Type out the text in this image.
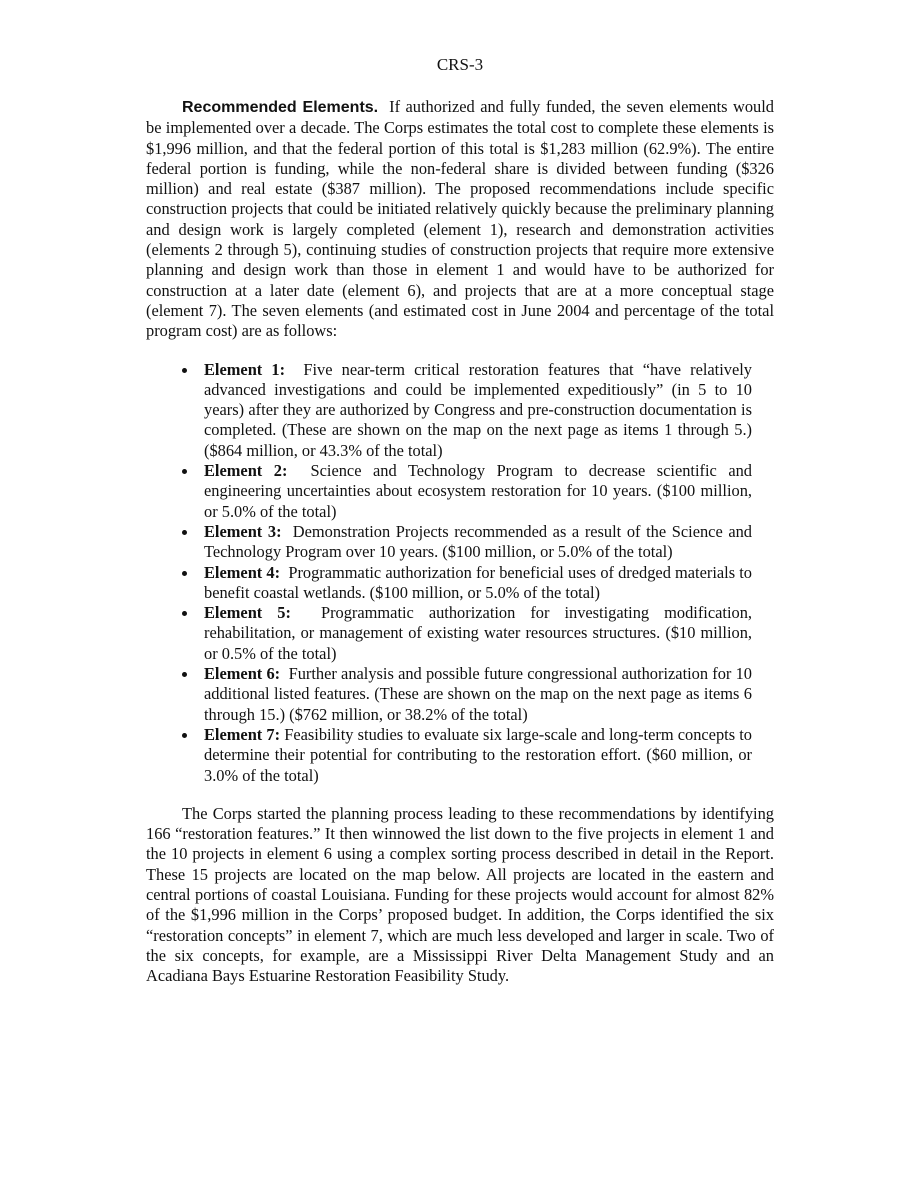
CRS-3

Recommended Elements. If authorized and fully funded, the seven elements would be implemented over a decade. The Corps estimates the total cost to complete these elements is $1,996 million, and that the federal portion of this total is $1,283 million (62.9%). The entire federal portion is funding, while the non-federal share is divided between funding ($326 million) and real estate ($387 million). The proposed recommendations include specific construction projects that could be initiated relatively quickly because the preliminary planning and design work is largely completed (element 1), research and demonstration activities (elements 2 through 5), continuing studies of construction projects that require more extensive planning and design work than those in element 1 and would have to be authorized for construction at a later date (element 6), and projects that are at a more conceptual stage (element 7). The seven elements (and estimated cost in June 2004 and percentage of the total program cost) are as follows:

Element 1: Five near-term critical restoration features that “have relatively advanced investigations and could be implemented expeditiously” (in 5 to 10 years) after they are authorized by Congress and pre-construction documentation is completed. (These are shown on the map on the next page as items 1 through 5.) ($864 million, or 43.3% of the total)
Element 2: Science and Technology Program to decrease scientific and engineering uncertainties about ecosystem restoration for 10 years. ($100 million, or 5.0% of the total)
Element 3: Demonstration Projects recommended as a result of the Science and Technology Program over 10 years. ($100 million, or 5.0% of the total)
Element 4: Programmatic authorization for beneficial uses of dredged materials to benefit coastal wetlands. ($100 million, or 5.0% of the total)
Element 5: Programmatic authorization for investigating modification, rehabilitation, or management of existing water resources structures. ($10 million, or 0.5% of the total)
Element 6: Further analysis and possible future congressional authorization for 10 additional listed features. (These are shown on the map on the next page as items 6 through 15.) ($762 million, or 38.2% of the total)
Element 7: Feasibility studies to evaluate six large-scale and long-term concepts to determine their potential for contributing to the restoration effort. ($60 million, or 3.0% of the total)

The Corps started the planning process leading to these recommendations by identifying 166 “restoration features.” It then winnowed the list down to the five projects in element 1 and the 10 projects in element 6 using a complex sorting process described in detail in the Report. These 15 projects are located on the map below. All projects are located in the eastern and central portions of coastal Louisiana. Funding for these projects would account for almost 82% of the $1,996 million in the Corps’ proposed budget. In addition, the Corps identified the six “restoration concepts” in element 7, which are much less developed and larger in scale. Two of the six concepts, for example, are a Mississippi River Delta Management Study and an Acadiana Bays Estuarine Restoration Feasibility Study.
